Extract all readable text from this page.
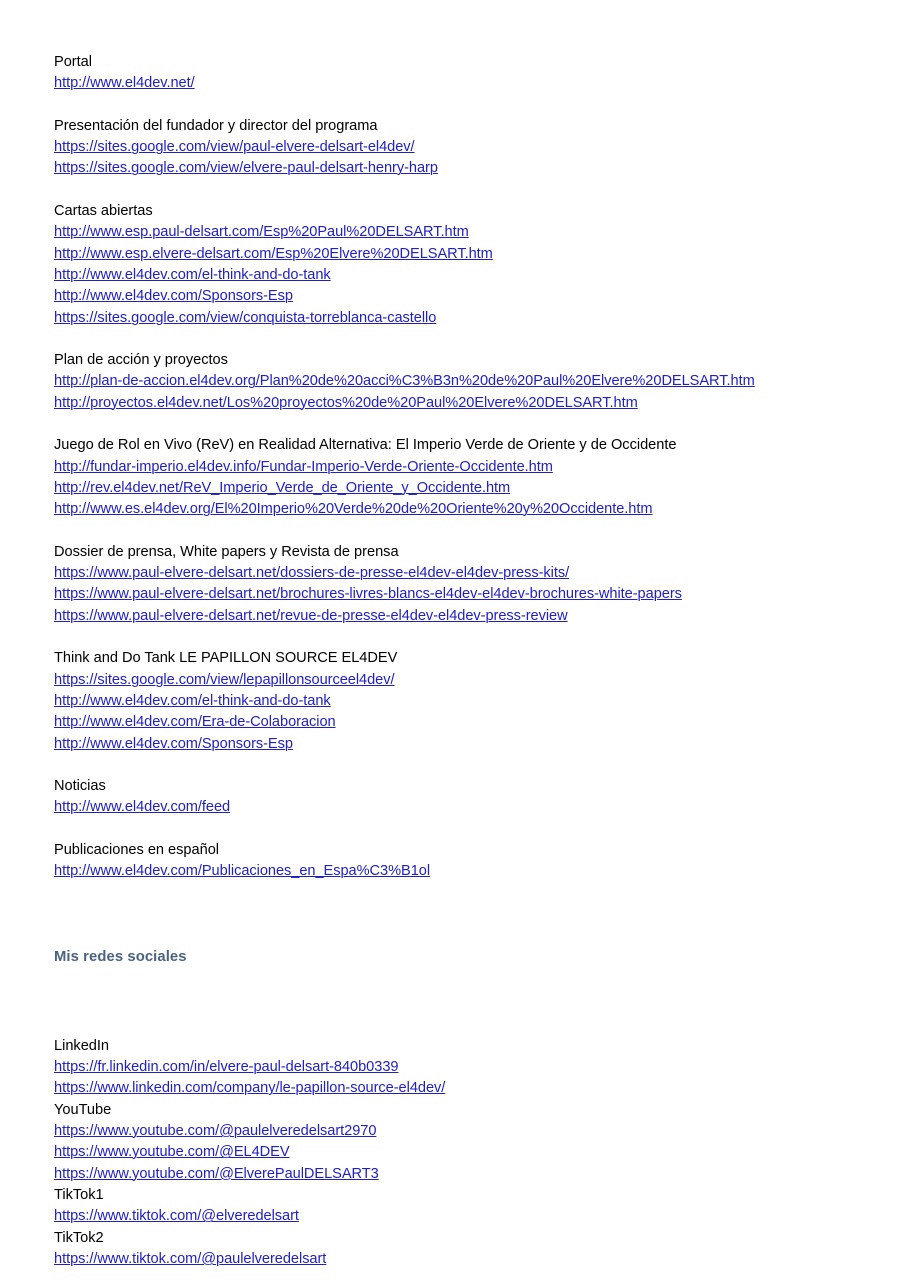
Portal
http://www.el4dev.net/
Presentación del fundador y director del programa
https://sites.google.com/view/paul-elvere-delsart-el4dev/
https://sites.google.com/view/elvere-paul-delsart-henry-harp
Cartas abiertas
http://www.esp.paul-delsart.com/Esp%20Paul%20DELSART.htm
http://www.esp.elvere-delsart.com/Esp%20Elvere%20DELSART.htm
http://www.el4dev.com/el-think-and-do-tank
http://www.el4dev.com/Sponsors-Esp
https://sites.google.com/view/conquista-torreblanca-castello
Plan de acción y proyectos
http://plan-de-accion.el4dev.org/Plan%20de%20acci%C3%B3n%20de%20Paul%20Elvere%20DELSART.htm
http://proyectos.el4dev.net/Los%20proyectos%20de%20Paul%20Elvere%20DELSART.htm
Juego de Rol en Vivo (ReV) en Realidad Alternativa: El Imperio Verde de Oriente y de Occidente
http://fundar-imperio.el4dev.info/Fundar-Imperio-Verde-Oriente-Occidente.htm
http://rev.el4dev.net/ReV_Imperio_Verde_de_Oriente_y_Occidente.htm
http://www.es.el4dev.org/El%20Imperio%20Verde%20de%20Oriente%20y%20Occidente.htm
Dossier de prensa, White papers y Revista de prensa
https://www.paul-elvere-delsart.net/dossiers-de-presse-el4dev-el4dev-press-kits/
https://www.paul-elvere-delsart.net/brochures-livres-blancs-el4dev-el4dev-brochures-white-papers
https://www.paul-elvere-delsart.net/revue-de-presse-el4dev-el4dev-press-review
Think and Do Tank LE PAPILLON SOURCE EL4DEV
https://sites.google.com/view/lepapillonsourceel4dev/
http://www.el4dev.com/el-think-and-do-tank
http://www.el4dev.com/Era-de-Colaboracion
http://www.el4dev.com/Sponsors-Esp
Noticias
http://www.el4dev.com/feed
Publicaciones en español
http://www.el4dev.com/Publicaciones_en_Espa%C3%B1ol
Mis redes sociales
LinkedIn
https://fr.linkedin.com/in/elvere-paul-delsart-840b0339
https://www.linkedin.com/company/le-papillon-source-el4dev/
YouTube
https://www.youtube.com/@paulelveredelsart2970
https://www.youtube.com/@EL4DEV
https://www.youtube.com/@ElverePaulDELSART3
TikTok1
https://www.tiktok.com/@elveredelsart
TikTok2
https://www.tiktok.com/@paulelveredelsart
